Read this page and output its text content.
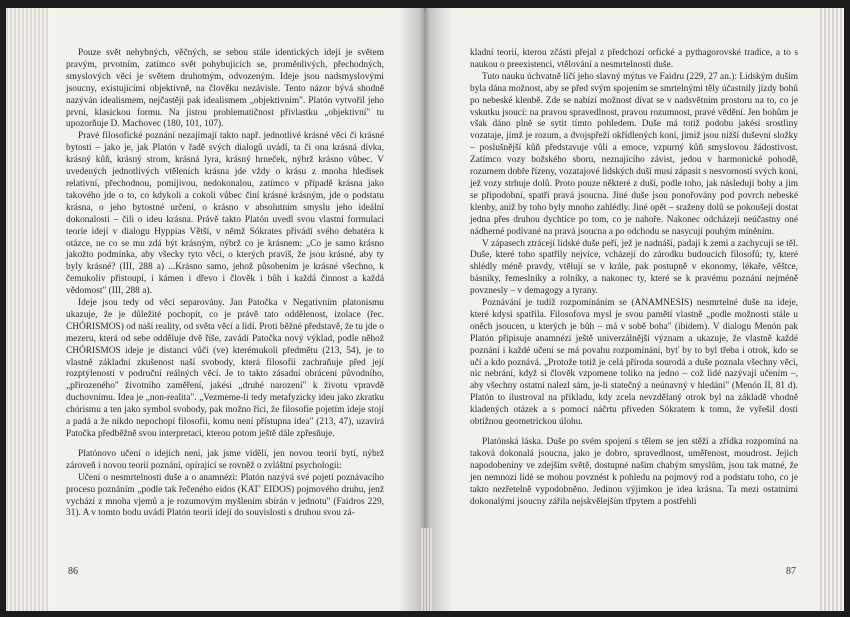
Pouze svět nehybných, věčných, se sebou stále identických idejí je světem pravým, prvotním, zatímco svět pohybujících se, proměnlivých, přechodných, smyslových věcí je světem druhotným, odvozeným. Ideje jsou nadsmyslovými jsoucny, existujícími objektivně, na člověku nezávisle. Tento názor bývá shodně nazýván idealismem, nejčastěji pak idealismem „objektivním". Platón vytvořil jeho první, klasickou formu. Na jistou problematičnost přívlastku „objektivní" tu upozorňuje D. Machovec (180, 101, 107).

Pravé filosofické poznání nezajímají takto např. jednotlivé krásné věci či krásné bytosti – jako je, jak Platón v řadě svých dialogů uvádí, ta či ona krásná dívka, krásný kůň, krásný strom, krásná lyra, krásný hrneček, nýbrž krásno vůbec. V uvedených jednotlivých vtěleních krásna jde vždy o krásu z mnoha hledisek relativní, přechodnou, pomíjivou, nedokonalou, zatímco v případě krásna jako takového jde o to, co kdykoli a cokoli vůbec činí krásné krásným, jde o podstatu krásna, o jeho bytostné určení, o krásno v absolutním smyslu jeho ideální dokonalosti – čili o ideu krásna. Právě takto Platón uvedl svou vlastní formulaci teorie idejí v dialogu Hyppias Větší, v němž Sókrates přivádí svého debatéra k otázce, ne co se mu zdá být krásným, nýbrž co je krásnem: „Co je samo krásno jakožto podmínka, aby všecky tyto věci, o kterých pravíš, že jsou krásné, aby ty byly krásné? (III, 288 a) ...Krásno samo, jehož působením je krásné všechno, k čemukoliv přistoupí, i kámen i dřevo i člověk i bůh i každá činnost a každá vědomost" (III, 288 a).

Ideje jsou tedy od věcí separovány. Jan Patočka v Negativním platonismu ukazuje, že je důležité pochopit, co je právě tato oddělenost, izolace (řec. CHÓRISMOS) od naší reality, od světa věcí a lidí. Proti běžné představě, že tu jde o mezeru, která od sebe odděluje dvě říše, zavádí Patočka nový výklad, podle něhož CHÓRISMOS ideje je distanci vůči (ve) kterémukoli předmětu (213, 54), je to vlastně základní zkušenost naší svobody, která filosofii zachraňuje před její rozptýleností v područní reálných věcí. Je to takto zásadní obrácení původního, „přirozeného" životního zaměření, jakési „druhé narození" k životu vpravdě duchovnímu. Idea je „non-realita". „Vezmeme-li tedy metafyzicky ideu jako zkratku chórismu a ten jako symbol svobody, pak možno říci, že filosofie pojetím ideje stojí a padá a že nikdo nepochopí filosofii, komu není přístupna idea" (213, 47), uzavírá Patočka předběžně svou interpretaci, kterou potom ještě dále zpřesňuje.

Platónovo učení o idejích není, jak jsme viděli, jen novou teorií bytí, nýbrž zároveň i novou teorií poznání, opírající se rovněž o zvláštní psychologii:

Učení o nesmrtelnosti duše a o anamnézi: Platón nazývá své pojetí poznávacího procesu poznáním „podle tak řečeného eidos (KAT' EIDOS) pojmového druhu, jenž vychází z mnoha vjemů a je rozumovým myšlením sbírán v jednotu" (Faidros 229, 31). A v tomto bodu uvádí Platón teorii idejí do souvislosti s druhou svou zá-

86

kladní teorií, kterou zčásti přejal z předchozí orfické a pythagorovské tradice, a to s naukou o preexistenci, vtělování a nesmrtelnosti duše.

Tuto nauku úchvatně líčí jeho slavný mýtus ve Faidru (229, 27 an.): Lidským duším byla dána možnost, aby se před svým spojením se smrtelnými těly účastnily jízdy bohů po nebeské klenbě. Zde se nabízí možnost dívat se v nadsvětním prostoru na to, co je vskutku jsoucí: na pravou spravedlnost, pravou rozumnost, pravé vědění. Jen bohům je však dáno plně se sytit tímto pohledem. Duše má totiž podobu jakési srostliny vozataje, jímž je rozum, a dvojspřeží okřídlených koní, jimiž jsou nižší duševní složky – poslušnější kůň představuje vůli a emoce, vzpurný kůň smyslovou žádostivost. Zatímco vozy božského sboru, neznajícího závist, jedou v harmonické pohodě, rozumem dobře řízeny, vozatajové lidských duší musí zápasit s nesvorností svých koní, jež vozy strhuje dolů. Proto pouze některé z duší, podle toho, jak následují bohy a jim se připodobní, spatří pravá jsoucna. Jiné duše jsou ponořovány pod povrch nebeské klenby, aniž by toho byly mnoho zahlédly. Jiné opět – sraženy dolů se pokoušejí dostat jedna přes druhou dychtice po tom, co je nahoře. Nakonec odcházejí neúčastny oné nádherné podívané na pravá jsoucna a po odchodu se nasycují pouhým míněním.

V zápasech ztrácejí lidské duše peří, jež je nadnáší, padají k zemi a zachycují se těl. Duše, které toho spatřily nejvíce, vcházejí do zárodku budoucích filosofů; ty, které shlédly méně pravdy, vtělují se v krále, pak postupně v ekonomy, lékaře, věštce, básníky, řemeslníky a rolníky, a nakonec ty, které se k pravému poznání nejméně povznesly – v demagogy a tyrany.

Poznávání je tudíž rozpomínáním se (ANAMNESIS) nesmrtelné duše na ideje, které kdysi spatřila. Filosofova mysl je svou pamětí vlastně „podle možnosti stále u oněch jsoucen, u kterých je bůh – má v sobě boha" (ibidem). V dialogu Menón pak Platón připisuje anamnézi ještě univerzálnější význam a ukazuje, že vlastně každé poznání i každé učení se má povahu rozpomínání, byť by to byl třeba i otrok, kdo se učí a kdo poznává. „Protože totiž je celá příroda sourodá a duše poznala všechny věci, nic nebrání, když si člověk vzpomene toliko na jedno – což lidé nazývají učením –, aby všechny ostatní nalezl sám, je-li statečný a neúnavný v hledání" (Menón II, 81 d). Platón to ilustroval na příkladu, kdy zcela nevzdělaný otrok byl na základě vhodně kladených otázek a s pomocí náčrtu přiveden Sókratem k tomu, že vyřešil dosti obtížnou geometrickou úlohu.

Platónská láska. Duše po svém spojení s tělem se jen stěží a zřídka rozpomíná na taková dokonalá jsoucna, jako je dobro, spravedlnost, uměřenost, moudrost. Jejich napodobeniny ve zdejším světě, dostupné našim chabým smyslům, jsou tak matné, že jen nemnozí lidé se mohou povznést k pohledu na pojmový rod a podstatu toho, co je takto nezřetelně vypodobněno. Jedinou výjimkou je idea krásna. Ta mezi ostatními dokonalými jsoucny zářila nejskvělejším třpytem a postřehli

87
